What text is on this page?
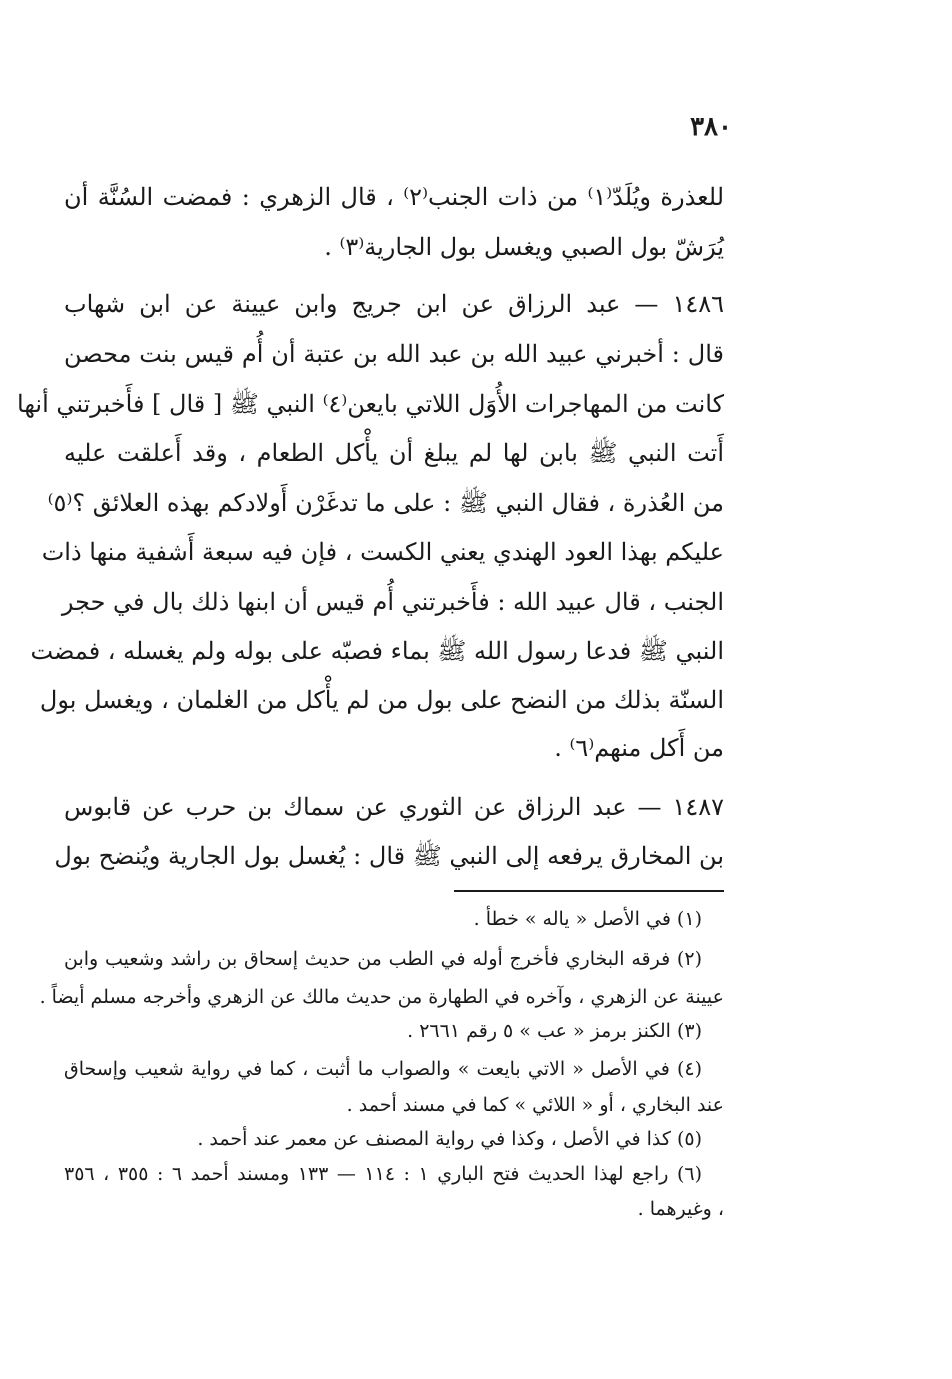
٣٨٠
للعذرة ويُلَدّ⁽١⁾ من ذات الجنب⁽٢⁾ ، قال الزهري : فمضت السُنَّة أن
يُرَشّ بول الصبي ويغسل بول الجارية⁽٣⁾ .
١٤٨٦ — عبد الرزاق عن ابن جريج وابن عيينة عن ابن شهاب
قال : أخبرني عبيد الله بن عبد الله بن عتبة أن أُم قيس بنت محصن
كانت من المهاجرات الأُوَل اللاتي بايعن⁽٤⁾ النبي ﷺ [ قال ] فأَخبرتني أنها
أَتت النبي ﷺ بابن لها لم يبلغ أن يأْكل الطعام ، وقد أَعلقت عليه
من العُذرة ، فقال النبي ﷺ : على ما تدغَرْن أَولادكم بهذه العلائق ؟⁽٥⁾
عليكم بهذا العود الهندي يعني الكست ، فإن فيه سبعة أَشفية منها ذات
الجنب ، قال عبيد الله : فأَخبرتني أُم قيس أن ابنها ذلك بال في حجر
النبي ﷺ فدعا رسول الله ﷺ بماء فصبّه على بوله ولم يغسله ، فمضت
السنّة بذلك من النضح على بول من لم يأْكل من الغلمان ، ويغسل بول
من أَكل منهم⁽٦⁾ .
١٤٨٧ — عبد الرزاق عن الثوري عن سماك بن حرب عن قابوس
بن المخارق يرفعه إلى النبي ﷺ قال : يُغسل بول الجارية ويُنضح بول
(١) في الأصل « ياله » خطأ .
(٢) فرقه البخاري فأخرج أوله في الطب من حديث إسحاق بن راشد وشعيب وابن
عيينة عن الزهري ، وآخره في الطهارة من حديث مالك عن الزهري وأخرجه مسلم أيضاً .
(٣) الكنز برمز « عب » ٥ رقم ٢٦٦١ .
(٤) في الأصل « الاتي بايعت » والصواب ما أثبت ، كما في رواية شعيب وإسحاق
عند البخاري ، أو « اللائي » كما في مسند أحمد .
(٥) كذا في الأصل ، وكذا في رواية المصنف عن معمر عند أحمد .
(٦) راجع لهذا الحديث فتح الباري ١ : ١١٤ — ١٣٣ ومسند أحمد ٦ : ٣٥٥ ، ٣٥٦
، وغيرهما .
